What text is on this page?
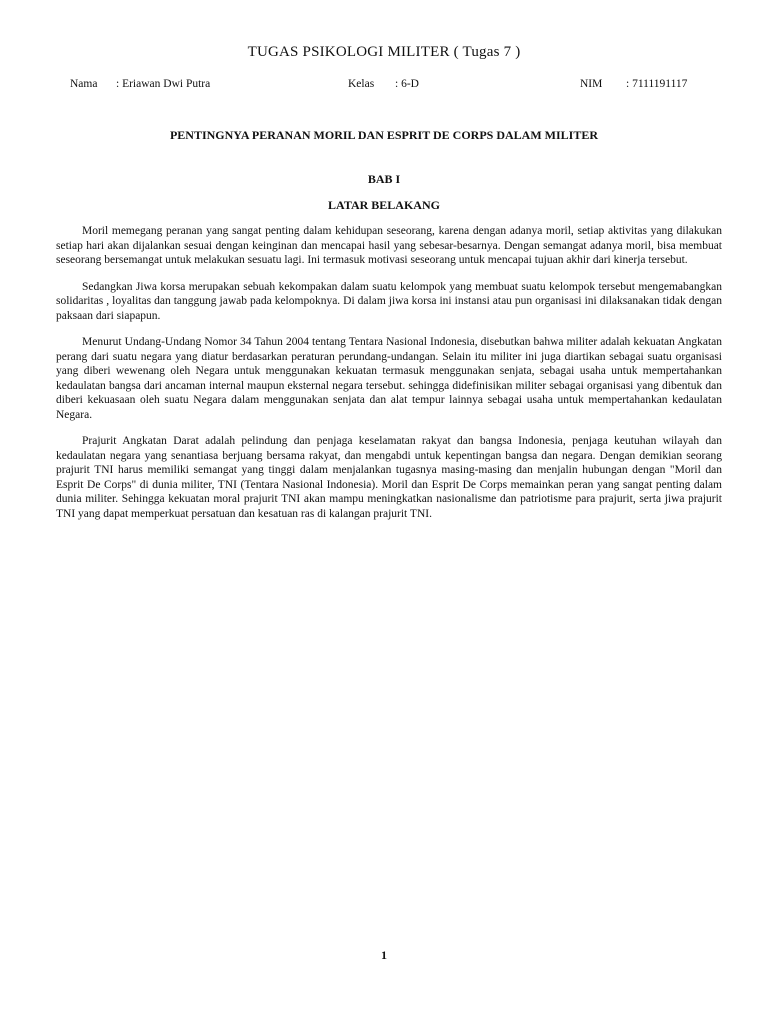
TUGAS PSIKOLOGI MILITER ( Tugas 7 )
Nama : Eriawan Dwi Putra	Kelas : 6-D	NIM : 7111191117
PENTINGNYA PERANAN MORIL DAN ESPRIT DE CORPS DALAM MILITER
BAB I
LATAR BELAKANG

Moril memegang peranan yang sangat penting dalam kehidupan seseorang, karena dengan adanya moril, setiap aktivitas yang dilakukan setiap hari akan dijalankan sesuai dengan keinginan dan mencapai hasil yang sebesar-besarnya. Dengan semangat adanya moril, bisa membuat seseorang bersemangat untuk melakukan sesuatu lagi. Ini termasuk motivasi seseorang untuk mencapai tujuan akhir dari kinerja tersebut.

Sedangkan Jiwa korsa merupakan sebuah kekompakan dalam suatu kelompok yang membuat suatu kelompok tersebut mengemabangkan solidaritas , loyalitas dan tanggung jawab pada kelompoknya. Di dalam jiwa korsa ini instansi atau pun organisasi ini dilaksanakan tidak dengan paksaan dari siapapun.

Menurut Undang-Undang Nomor 34 Tahun 2004 tentang Tentara Nasional Indonesia, disebutkan bahwa militer adalah kekuatan Angkatan perang dari suatu negara yang diatur berdasarkan peraturan perundang-undangan. Selain itu militer ini juga diartikan sebagai suatu organisasi yang diberi wewenang oleh Negara untuk menggunakan kekuatan termasuk menggunakan senjata, sebagai usaha untuk mempertahankan kedaulatan bangsa dari ancaman internal maupun eksternal negara tersebut. sehingga didefinisikan militer sebagai organisasi yang dibentuk dan diberi kekuasaan oleh suatu Negara dalam menggunakan senjata dan alat tempur lainnya sebagai usaha untuk mempertahankan kedaulatan Negara.

Prajurit Angkatan Darat adalah pelindung dan penjaga keselamatan rakyat dan bangsa Indonesia, penjaga keutuhan wilayah dan kedaulatan negara yang senantiasa berjuang bersama rakyat, dan mengabdi untuk kepentingan bangsa dan negara. Dengan demikian seorang prajurit TNI harus memiliki semangat yang tinggi dalam menjalankan tugasnya masing-masing dan menjalin hubungan dengan "Moril dan Esprit De Corps" di dunia militer, TNI (Tentara Nasional Indonesia). Moril dan Esprit De Corps memainkan peran yang sangat penting dalam dunia militer. Sehingga kekuatan moral prajurit TNI akan mampu meningkatkan nasionalisme dan patriotisme para prajurit, serta jiwa prajurit TNI yang dapat memperkuat persatuan dan kesatuan ras di kalangan prajurit TNI.

1
